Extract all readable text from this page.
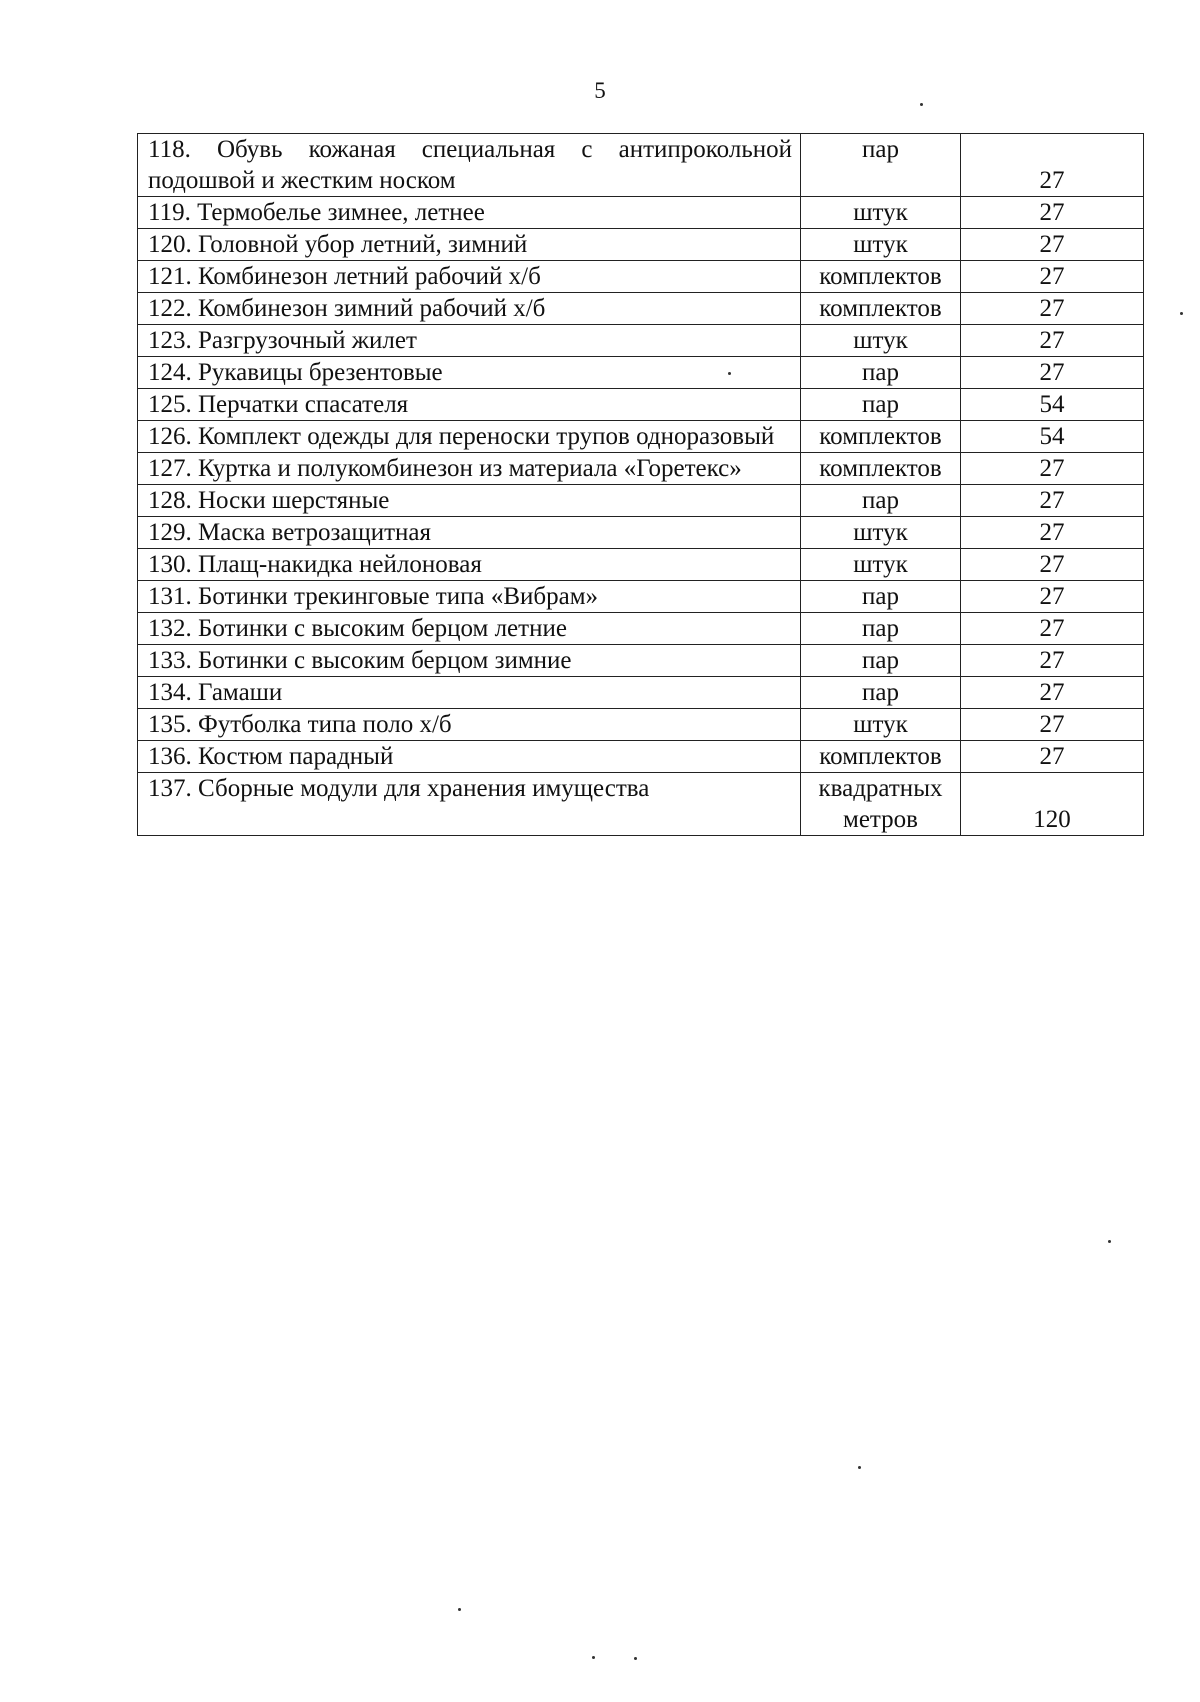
5
118. Обувь кожаная специальная с антипрокольной подошвой и жестким носком	пар	27
119. Термобелье зимнее, летнее	штук	27
120. Головной убор летний, зимний	штук	27
121. Комбинезон летний рабочий х/б	комплектов	27
122. Комбинезон зимний рабочий х/б	комплектов	27
123. Разгрузочный жилет	штук	27
124. Рукавицы брезентовые	пар	27
125. Перчатки спасателя	пар	54
126. Комплект одежды для переноски трупов одноразовый	комплектов	54
127. Куртка и полукомбинезон из материала «Горетекс»	комплектов	27
128. Носки шерстяные	пар	27
129. Маска ветрозащитная	штук	27
130. Плащ-накидка нейлоновая	штук	27
131. Ботинки трекинговые типа «Вибрам»	пар	27
132. Ботинки с высоким берцом летние	пар	27
133. Ботинки с высоким берцом зимние	пар	27
134. Гамаши	пар	27
135. Футболка типа поло х/б	штук	27
136. Костюм парадный	комплектов	27
137. Сборные модули для хранения имущества	квадратных метров	120
